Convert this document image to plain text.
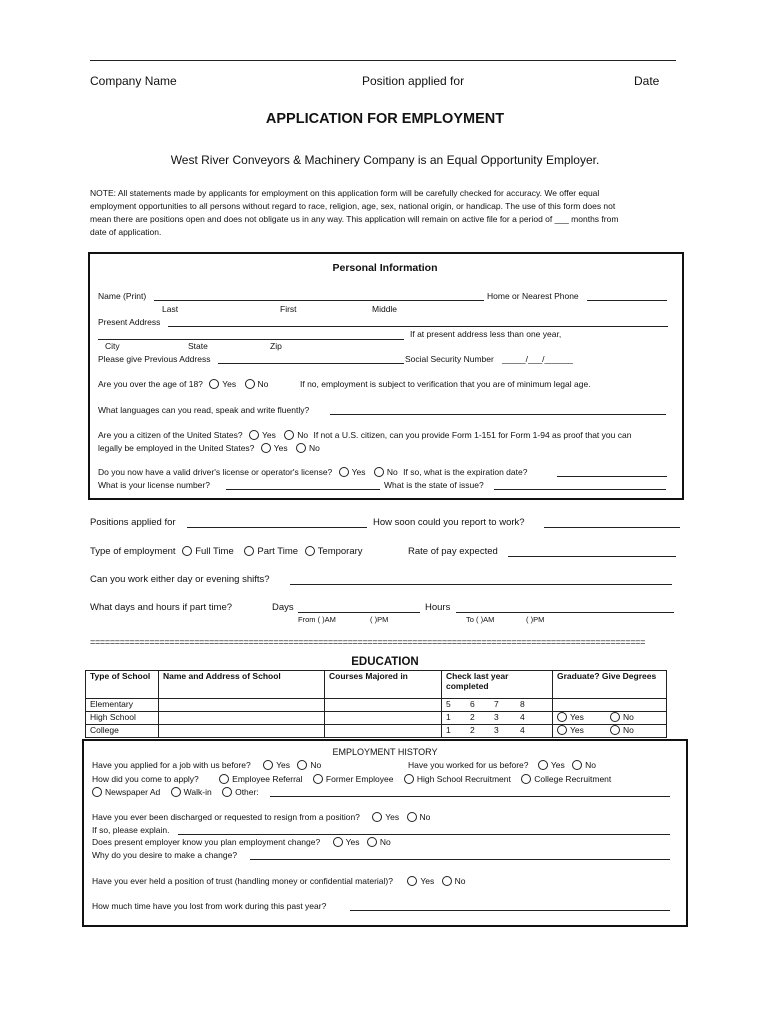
Company Name	Position applied for	Date
APPLICATION FOR EMPLOYMENT
West River Conveyors & Machinery Company is an Equal Opportunity Employer.
NOTE: All statements made by applicants for employment on this application form will be carefully checked for accuracy. We offer equal
employment opportunities to all persons without regard to race, religion, age, sex, national origin, or handicap. The use of this form does not
mean there are positions open and does not obligate us in any way. This application will remain on active file for a period of ___ months from
date of application.
Personal Information
Name (Print)	Home or Nearest Phone
Last	First	Middle
Present Address
If at present address less than one year,
City	State	Zip
Please give Previous Address	Social Security Number _____/___/______
Are you over the age of 18? Yes	No	If no, employment is subject to verification that you are of minimum legal age.
What languages can you read, speak and write fluently?
Are you a citizen of the United States? Yes	No If not a U.S. citizen, can you provide Form 1-151 for Form 1-94 as proof that you can
legally be employed in the United States? Yes	No
Do you now have a valid driver's license or operator's license? Yes	No If so, what is the expiration date?
What is your license number?	What is the state of issue?
Positions applied for	How soon could you report to work?
Type of employment Full Time Part Time Temporary	Rate of pay expected
Can you work either day or evening shifts?
What days and hours if part time?	Days	Hours
From ( )AM	( )PM	To ( )AM	( )PM
================================================================================================================
EDUCATION
Type of School	Name and Address of School	Courses Majored in	Check last year completed	Graduate? Give Degrees
Elementary			5 6 7 8	
High School			1 2 3 4	Yes No
College			1 2 3 4	Yes No
EMPLOYMENT HISTORY
Have you applied for a job with us before?	Yes No	Have you worked for us before?	Yes No
How did you come to apply?	Employee Referral	Former Employee	High School Recruitment	College Recruitment
Newspaper Ad	Walk-in	Other:
Have you ever been discharged or requested to resign from a position?	Yes No
If so, please explain.
Does present employer know you plan employment change?	Yes No
Why do you desire to make a change?
Have you ever held a position of trust (handling money or confidential material)?	Yes No
How much time have you lost from work during this past year?
